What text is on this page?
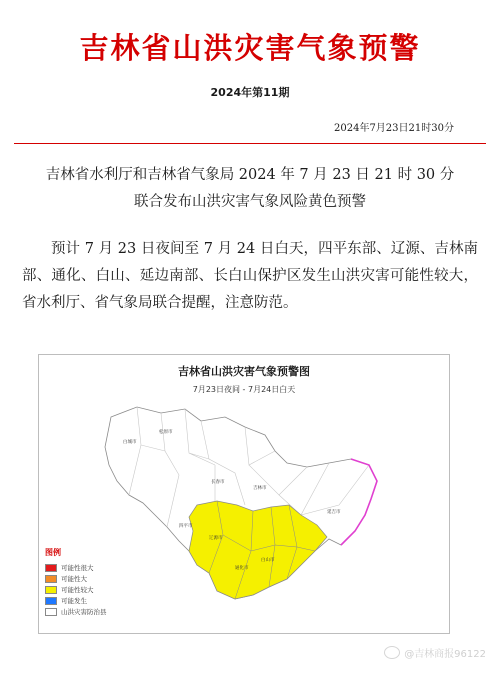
吉林省山洪灾害气象预警
2024年第11期
2024年7月23日21时30分
吉林省水利厅和吉林省气象局 2024 年 7 月 23 日 21 时 30 分
联合发布山洪灾害气象风险黄色预警
预计 7 月 23 日夜间至 7 月 24 日白天，四平东部、辽源、吉林南部、通化、白山、延边南部、长白山保护区发生山洪灾害可能性较大，省水利厅、省气象局联合提醒，注意防范。
白城市
松原市
长春市
吉林市
四平市
辽源市
通化市
白山市
延吉市
吉林省山洪灾害气象预警图
7月23日夜间 - 7月24日白天
图例
可能性很大
可能性大
可能性较大
可能发生
山洪灾害防治县
@吉林商报96122
